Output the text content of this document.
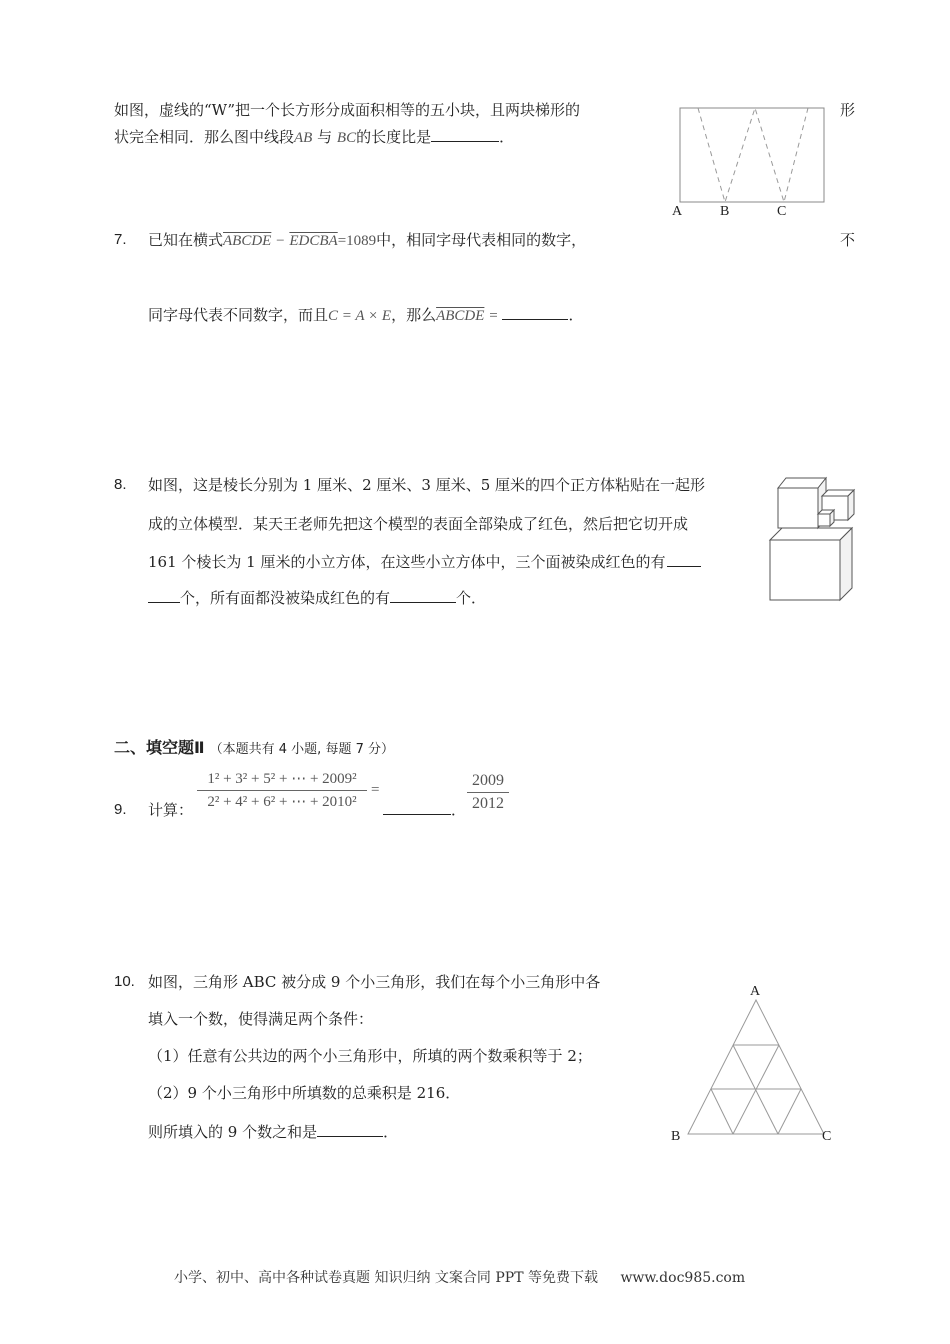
如图，虚线的“W”把一个长方形分成面积相等的五小块，且两块梯形的	形
状完全相同．那么图中线段AB 与 BC的长度比是	．
A	B	C
7. 已知在横式ABCDE − EDCBA=1089中，相同字母代表相同的数字，	不
同字母代表不同数字，而且C = A × E，那么ABCDE =	．
8. 如图，这是棱长分别为 1 厘米、2 厘米、3 厘米、5 厘米的四个正方体粘贴在一起形
成的立体模型．某天王老师先把这个模型的表面全部染成了红色，然后把它切开成
161 个棱长为 1 厘米的小立方体，在这些小立方体中，三个面被染成红色的有
个，所有面都没被染成红色的有	个．
二、填空题Ⅱ （本题共有 4 小题, 每题 7 分）
9. 计算： $\frac{\text{1² + 3² + 5² + ⋯ + 2009²}}{\text{2² + 4² + 6² + ⋯ + 2010²}}$ =
． $\frac{2009}{2012}$
10. 如图，三角形 ABC 被分成 9 个小三角形，我们在每个小三角形中各
填入一个数，使得满足两个条件：
（1）任意有公共边的两个小三角形中，所填的两个数乘积等于 2；
（2）9 个小三角形中所填数的总乘积是 216．
则所填入的 9 个数之和是	．
A
B	C
小学、初中、高中各种试卷真题 知识归纳 文案合同 PPT 等免费下载 www.doc985.com
